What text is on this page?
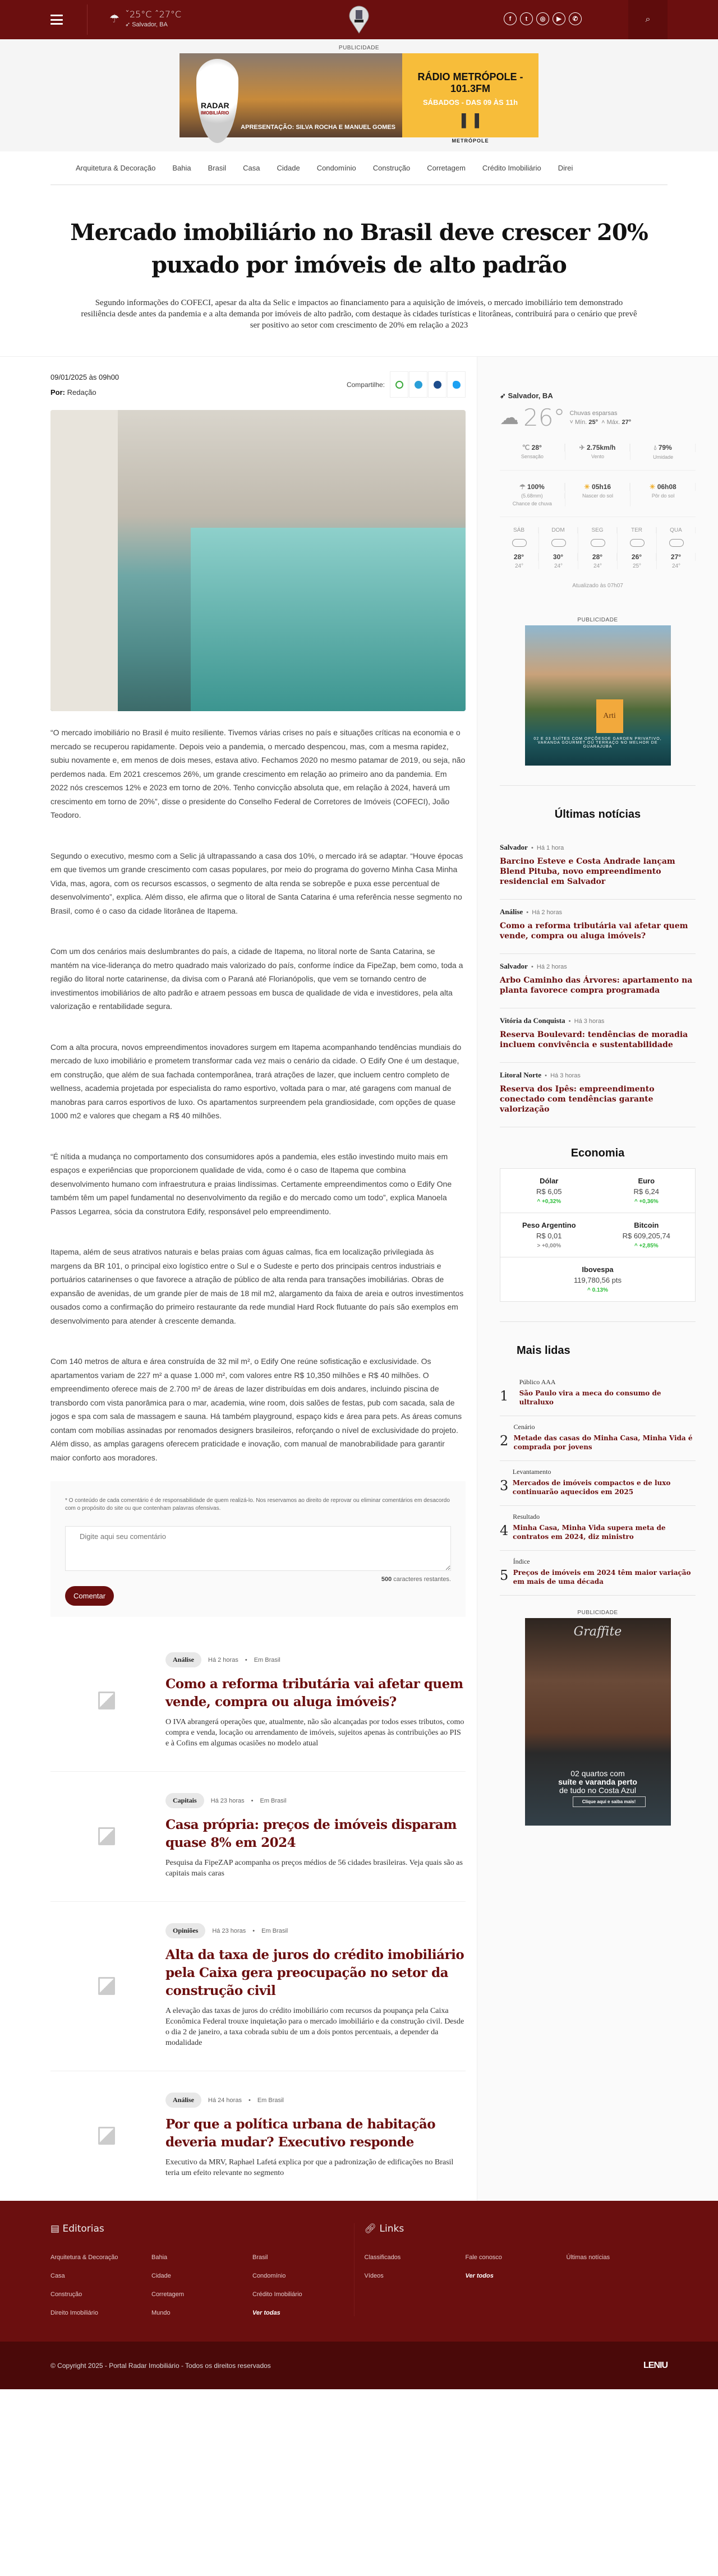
☂ ˇ25°C ˆ27°C
➶ Salvador, BA
f	t	◎	▶	✆	⌕
PUBLICIDADE
RADAR
IMOBILIÁRIO
APRESENTAÇÃO: SILVA ROCHA E MANUEL GOMES
RÁDIO METRÓPOLE - 101.3FM
SÁBADOS - DAS 09 ÀS 11h
▌▐
METRÓPOLE
Arquitetura & Decoração Bahia Brasil Casa Cidade Condomínio Construção Corretagem Crédito Imobiliário Direi
Mercado imobiliário no Brasil deve crescer 20% puxado por imóveis de alto padrão

Segundo informações do COFECI, apesar da alta da Selic e impactos ao financiamento para a aquisição de imóveis, o mercado imobiliário tem demonstrado resiliência desde antes da pandemia e a alta demanda por imóveis de alto padrão, com destaque às cidades turísticas e litorâneas, contribuirá para o cenário que prevê ser positivo ao setor com crescimento de 20% em relação a 2023

09/01/2025 às 09h00
Por: Redação
Compartilhe:

“O mercado imobiliário no Brasil é muito resiliente. Tivemos várias crises no país e situações críticas na economia e o mercado se recuperou rapidamente. Depois veio a pandemia, o mercado despencou, mas, com a mesma rapidez, subiu novamente e, em menos de dois meses, estava ativo. Fechamos 2020 no mesmo patamar de 2019, ou seja, não perdemos nada. Em 2021 crescemos 26%, um grande crescimento em relação ao primeiro ano da pandemia. Em 2022 nós crescemos 12% e 2023 em torno de 20%. Tenho convicção absoluta que, em relação à 2024, haverá um crescimento em torno de 20%”, disse o presidente do Conselho Federal de Corretores de Imóveis (COFECI), João Teodoro.

Segundo o executivo, mesmo com a Selic já ultrapassando a casa dos 10%, o mercado irá se adaptar. “Houve épocas em que tivemos um grande crescimento com casas populares, por meio do programa do governo Minha Casa Minha Vida, mas, agora, com os recursos escassos, o segmento de alta renda se sobrepõe e puxa esse percentual de desenvolvimento”, explica. Além disso, ele afirma que o litoral de Santa Catarina é uma referência nesse segmento no Brasil, como é o caso da cidade litorânea de Itapema.

Com um dos cenários mais deslumbrantes do país, a cidade de Itapema, no litoral norte de Santa Catarina, se mantém na vice-liderança do metro quadrado mais valorizado do país, conforme índice da FipeZap, bem como, toda a região do litoral norte catarinense, da divisa com o Paraná até Florianópolis, que vem se tornando centro de investimentos imobiliários de alto padrão e atraem pessoas em busca de qualidade de vida e investidores, pela alta valorização e rentabilidade segura.

Com a alta procura, novos empreendimentos inovadores surgem em Itapema acompanhando tendências mundiais do mercado de luxo imobiliário e prometem transformar cada vez mais o cenário da cidade. O Edify One é um destaque, em construção, que além de sua fachada contemporânea, trará atrações de lazer, que incluem centro completo de wellness, academia projetada por especialista do ramo esportivo, voltada para o mar, até garagens com manual de manobras para carros esportivos de luxo. Os apartamentos surpreendem pela grandiosidade, com opções de quase 1000 m2 e valores que chegam a R$ 40 milhões.

“É nítida a mudança no comportamento dos consumidores após a pandemia, eles estão investindo muito mais em espaços e experiências que proporcionem qualidade de vida, como é o caso de Itapema que combina desenvolvimento humano com infraestrutura e praias lindíssimas. Certamente empreendimentos como o Edify One também têm um papel fundamental no desenvolvimento da região e do mercado como um todo”, explica Manoela Passos Legarrea, sócia da construtora Edify, responsável pelo empreendimento.

Itapema, além de seus atrativos naturais e belas praias com águas calmas, fica em localização privilegiada às margens da BR 101, o principal eixo logístico entre o Sul e o Sudeste e perto dos principais centros industriais e portuários catarinenses o que favorece a atração de público de alta renda para transações imobiliárias. Obras de expansão de avenidas, de um grande píer de mais de 18 mil m2, alargamento da faixa de areia e outros investimentos ousados como a confirmação do primeiro restaurante da rede mundial Hard Rock flutuante do país são exemplos em desenvolvimento para atender à crescente demanda.

Com 140 metros de altura e área construída de 32 mil m², o Edify One reúne sofisticação e exclusividade. Os apartamentos variam de 227 m² a quase 1.000 m², com valores entre R$ 10,350 milhões e R$ 40 milhões. O empreendimento oferece mais de 2.700 m² de áreas de lazer distribuídas em dois andares, incluindo piscina de transbordo com vista panorâmica para o mar, academia, wine room, dois salões de festas, pub com sacada, sala de jogos e spa com sala de massagem e sauna. Há também playground, espaço kids e área para pets. As áreas comuns contam com mobílias assinadas por renomados designers brasileiros, reforçando o nível de exclusividade do projeto. Além disso, as amplas garagens oferecem praticidade e inovação, com manual de manobrabilidade para garantir maior conforto aos moradores.

* O conteúdo de cada comentário é de responsabilidade de quem realizá-lo. Nos reservamos ao direito de reprovar ou eliminar comentários em desacordo com o propósito do site ou que contenham palavras ofensivas.
Digite aqui seu comentário
500 caracteres restantes.
Comentar
Análise	Há 2 horas • Em Brasil
Como a reforma tributária vai afetar quem vende, compra ou aluga imóveis?

O IVA abrangerá operações que, atualmente, não são alcançadas por todos esses tributos, como compra e venda, locação ou arrendamento de imóveis, sujeitos apenas às contribuições ao PIS e à Cofins em algumas ocasiões no modelo atual

Capitais	Há 23 horas • Em Brasil
Casa própria: preços de imóveis disparam quase 8% em 2024

Pesquisa da FipeZAP acompanha os preços médios de 56 cidades brasileiras. Veja quais são as capitais mais caras

Opiniões	Há 23 horas • Em Brasil
Alta da taxa de juros do crédito imobiliário pela Caixa gera preocupação no setor da construção civil

A elevação das taxas de juros do crédito imobiliário com recursos da poupança pela Caixa Econômica Federal trouxe inquietação para o mercado imobiliário e da construção civil. Desde o dia 2 de janeiro, a taxa cobrada subiu de um a dois pontos percentuais, a depender da modalidade

Análise	Há 24 horas • Em Brasil
Por que a política urbana de habitação deveria mudar? Executivo responde

Executivo da MRV, Raphael Lafetá explica por que a padronização de edificações no Brasil teria um efeito relevante no segmento

➶ Salvador, BA
☁ 26° Chuvas esparsas
˅ Mín. 25°  ˄ Máx. 27°
℃ 28°
Sensação
✈ 2.75km/h
Vento
💧︎ 79%
Umidade
☂ 100%
(5.68mm)
Chance de chuva
☀ 05h16
Nascer do sol
☀ 06h08
Pôr do sol
SÁB
28°
24°
DOM
30°
24°
SEG
28°
24°
TER
26°
25°
QUA
27°
24°
Atualizado às 07h07
PUBLICIDADE
Arti
02 E 03 SUÍTES COM OPÇÕESDE GARDEN PRIVATIVO, VARANDA GOURMET OU TERRAÇO NO MELHOR DE GUARAJUBA
Últimas notícias
Salvador  •  Há 1 hora
Barcino Esteve e Costa Andrade lançam Blend Pituba, novo empreendimento residencial em Salvador
Análise  •  Há 2 horas
Como a reforma tributária vai afetar quem vende, compra ou aluga imóveis?
Salvador  •  Há 2 horas
Arbo Caminho das Árvores: apartamento na planta favorece compra programada
Vitória da Conquista  •  Há 3 horas
Reserva Boulevard: tendências de moradia incluem convivência e sustentabilidade
Litoral Norte  •  Há 3 horas
Reserva dos Ipês: empreendimento conectado com tendências garante valorização
Economia
Dólar
R$ 6,05
^ +0,32%
Euro
R$ 6,24
^ +0,36%
Peso Argentino
R$ 0,01
> +0,00%
Bitcoin
R$ 609,205,74
^ +2,85%
Ibovespa
119,780,56 pts
^ 0.13%
Mais lidas
1
Público AAA
São Paulo vira a meca do consumo de ultraluxo
2
Cenário
Metade das casas do Minha Casa, Minha Vida é comprada por jovens
3
Levantamento
Mercados de imóveis compactos e de luxo continuarão aquecidos em 2025
4
Resultado
Minha Casa, Minha Vida supera meta de contratos em 2024, diz ministro
5
Índice
Preços de imóveis em 2024 têm maior variação em mais de uma década
PUBLICIDADE
Graffite
02 quartos com
suíte e varanda perto
de tudo no Costa Azul
Clique aqui e saiba mais!
▤ Editorias
Arquitetura & Decoração	Bahia	Brasil
Casa	Cidade	Condomínio
Construção	Corretagem	Crédito Imobiliário
Direito Imobiliário	Mundo	Ver todas
🔗︎ Links
Classificados	Fale conosco	Últimas notícias
Vídeos	Ver todos
© Copyright 2025 - Portal Radar Imobiliário - Todos os direitos reservados	LENIU
